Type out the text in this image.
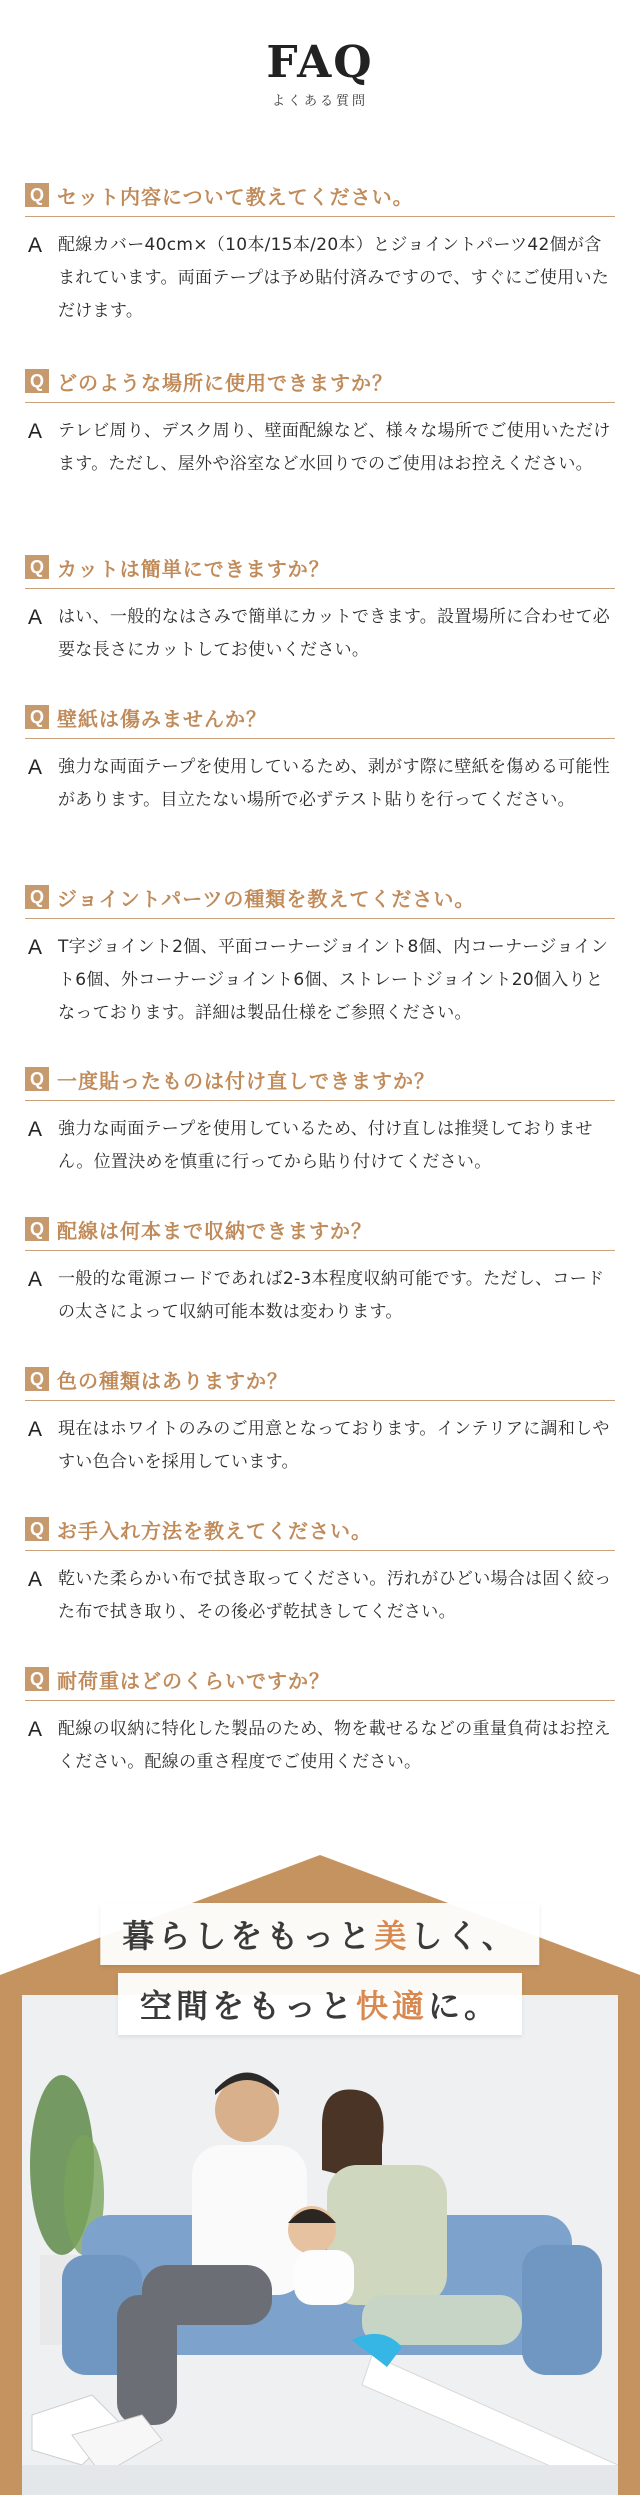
FAQ
よくある質問
Q セット内容について教えてください。
A 配線カバー40cm×（10本/15本/20本）とジョイントパーツ42個が含まれています。両面テープは予め貼付済みですので、すぐにご使用いただけます。
Q どのような場所に使用できますか？
A テレビ周り、デスク周り、壁面配線など、様々な場所でご使用いただけます。ただし、屋外や浴室など水回りでのご使用はお控えください。
Q カットは簡単にできますか？
A はい、一般的なはさみで簡単にカットできます。設置場所に合わせて必要な長さにカットしてお使いください。
Q 壁紙は傷みませんか？
A 強力な両面テープを使用しているため、剥がす際に壁紙を傷める可能性があります。目立たない場所で必ずテスト貼りを行ってください。
Q ジョイントパーツの種類を教えてください。
A T字ジョイント2個、平面コーナージョイント8個、内コーナージョイント6個、外コーナージョイント6個、ストレートジョイント20個入りとなっております。詳細は製品仕様をご参照ください。
Q 一度貼ったものは付け直しできますか？
A 強力な両面テープを使用しているため、付け直しは推奨しておりません。位置決めを慎重に行ってから貼り付けてください。
Q 配線は何本まで収納できますか？
A 一般的な電源コードであれば2-3本程度収納可能です。ただし、コードの太さによって収納可能本数は変わります。
Q 色の種類はありますか？
A 現在はホワイトのみのご用意となっております。インテリアに調和しやすい色合いを採用しています。
Q お手入れ方法を教えてください。
A 乾いた柔らかい布で拭き取ってください。汚れがひどい場合は固く絞った布で拭き取り、その後必ず乾拭きしてください。
Q 耐荷重はどのくらいですか？
A 配線の収納に特化した製品のため、物を載せるなどの重量負荷はお控えください。配線の重さ程度でご使用ください。
暮らしをもっと美しく、
空間をもっと快適に。
